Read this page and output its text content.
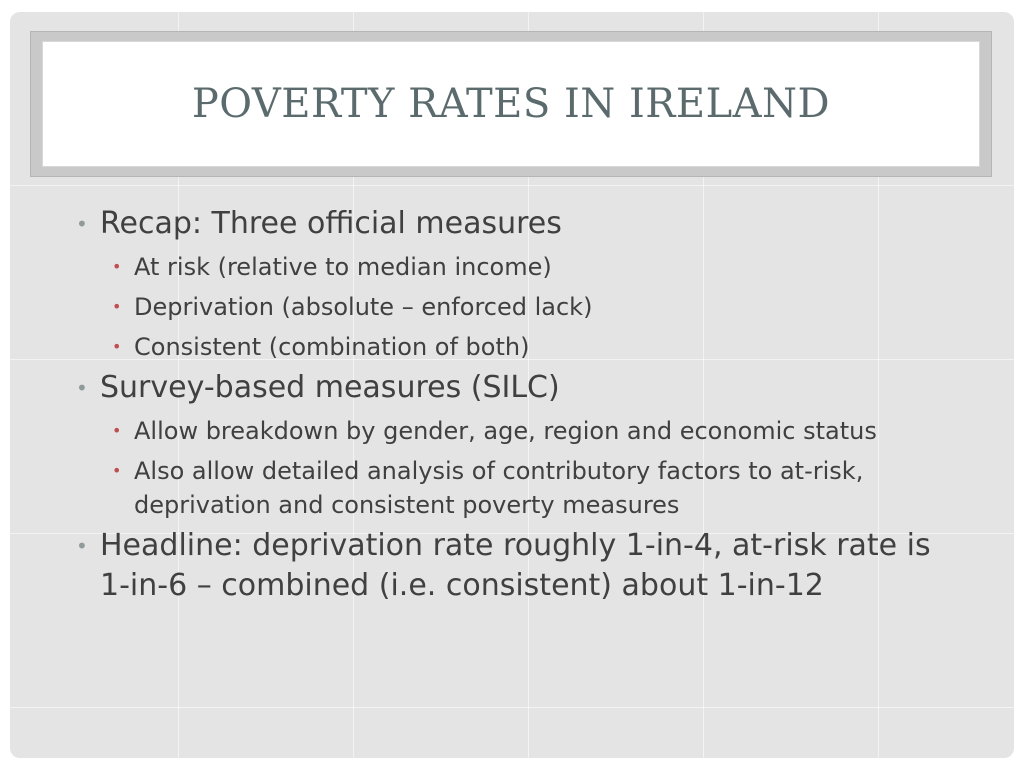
POVERTY RATES IN IRELAND
• Recap: Three official measures
• At risk (relative to median income)
• Deprivation (absolute – enforced lack)
• Consistent (combination of both)
• Survey-based measures (SILC)
• Allow breakdown by gender, age, region and economic status
• Also allow detailed analysis of contributory factors to at-risk, deprivation and consistent poverty measures
• Headline: deprivation rate roughly 1-in-4, at-risk rate is 1-in-6 – combined (i.e. consistent) about 1-in-12
